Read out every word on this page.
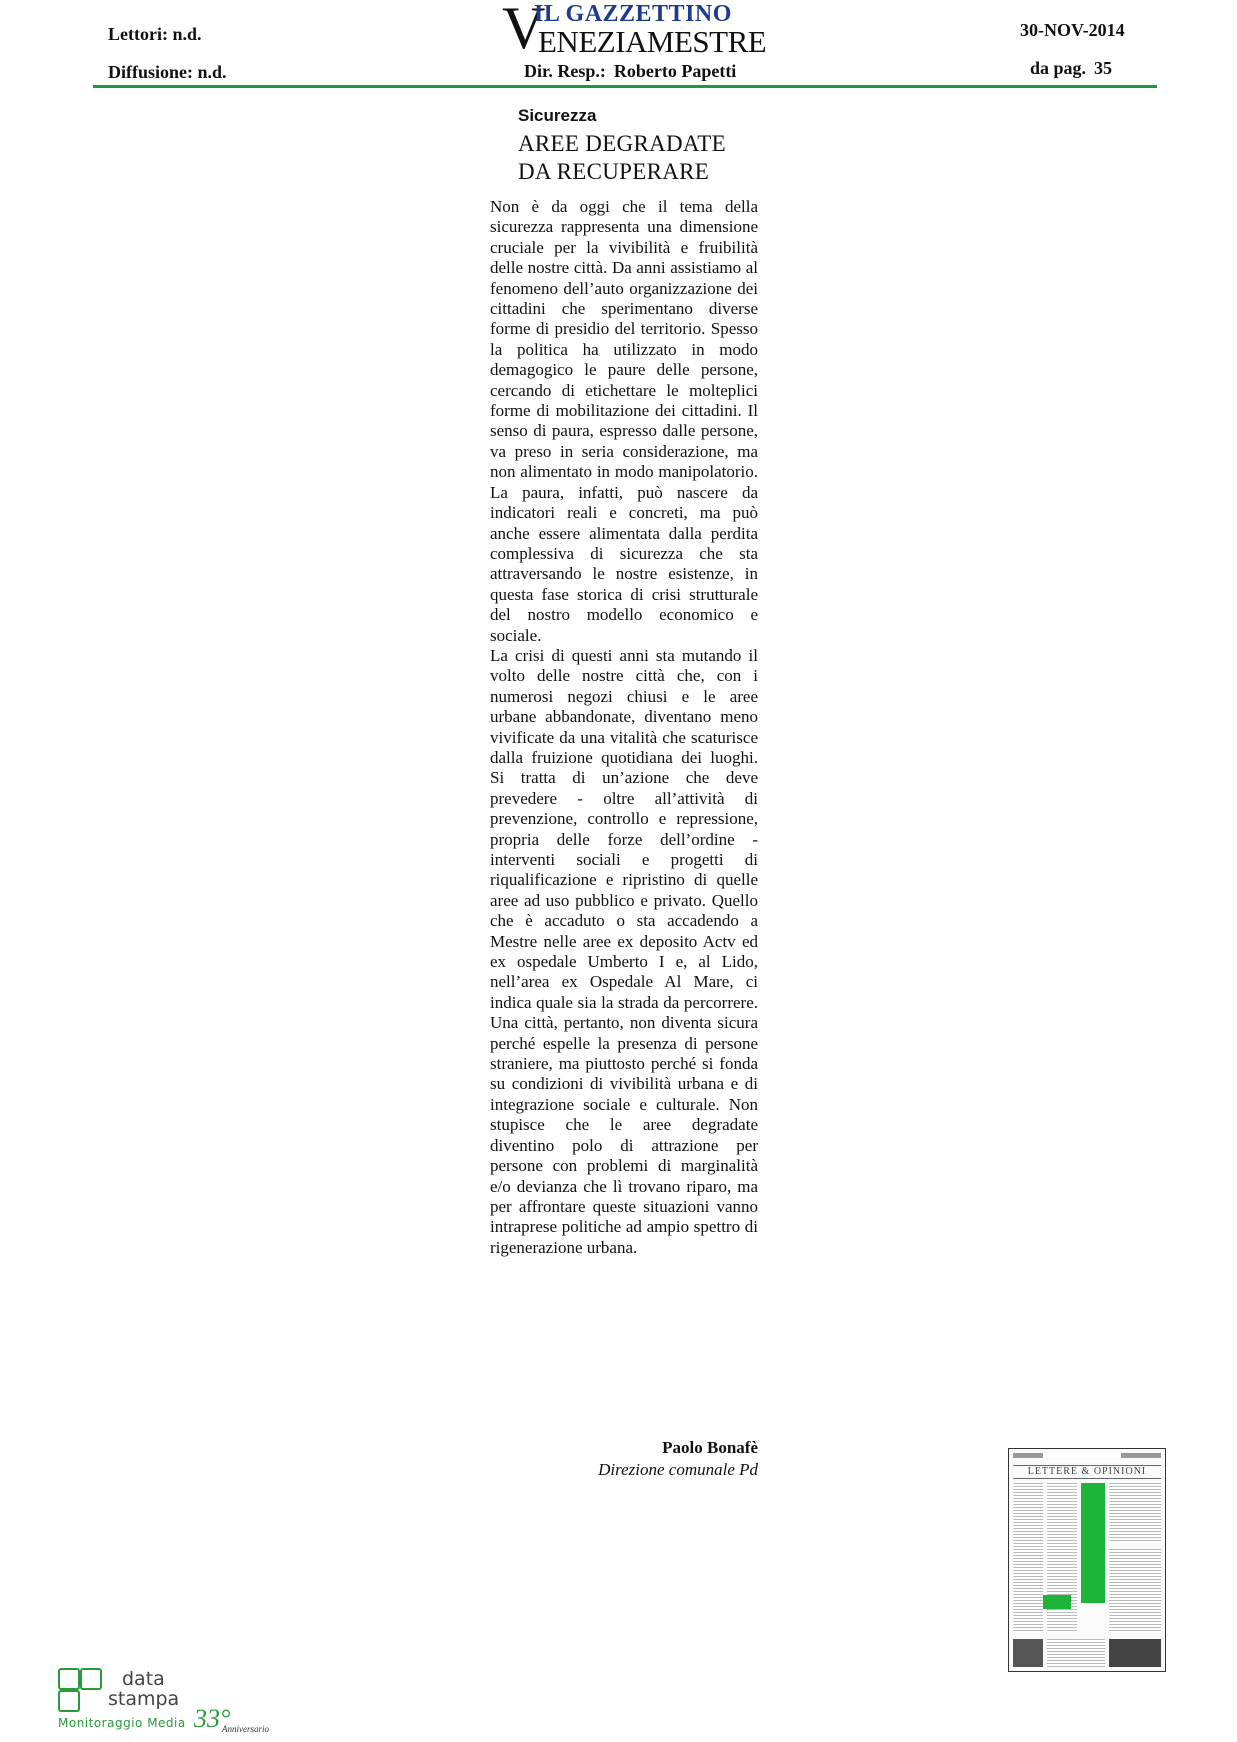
Lettori: n.d.
Diffusione: n.d.
V
IL GAZZETTINO
ENEZIAMESTRE
Dir. Resp.: Roberto Papetti
30-NOV-2014
da pag. 35
Sicurezza
AREE DEGRADATE
DA RECUPERARE

Non è da oggi che il tema della sicurezza rappresenta una dimensione cruciale per la vivibilità e fruibilità delle nostre città. Da anni assistiamo al fenomeno dell’auto organizzazione dei cittadini che sperimentano diverse forme di presidio del territorio. Spesso la politica ha utilizzato in modo demagogico le paure delle persone, cercando di etichettare le molteplici forme di mobilitazione dei cittadini. Il senso di paura, espresso dalle persone, va preso in seria considerazione, ma non alimentato in modo manipolatorio. La paura, infatti, può nascere da indicatori reali e concreti, ma può anche essere alimentata dalla perdita complessiva di sicurezza che sta attraversando le nostre esistenze, in questa fase storica di crisi strutturale del nostro modello economico e sociale.

La crisi di questi anni sta mutando il volto delle nostre città che, con i numerosi negozi chiusi e le aree urbane abbandonate, diventano meno vivificate da una vitalità che scaturisce dalla fruizione quotidiana dei luoghi. Si tratta di un’azione che deve prevedere - oltre all’attività di prevenzione, controllo e repressione, propria delle forze dell’ordine - interventi sociali e progetti di riqualificazione e ripristino di quelle aree ad uso pubblico e privato. Quello che è accaduto o sta accadendo a Mestre nelle aree ex deposito Actv ed ex ospedale Umberto I e, al Lido, nell’area ex Ospedale Al Mare, ci indica quale sia la strada da percorrere. Una città, pertanto, non diventa sicura perché espelle la presenza di persone straniere, ma piuttosto perché si fonda su condizioni di vivibilità urbana e di integrazione sociale e culturale. Non stupisce che le aree degradate diventino polo di attrazione per persone con problemi di marginalità e/o devianza che lì trovano riparo, ma per affrontare queste situazioni vanno intraprese politiche ad ampio spettro di rigenerazione urbana.

Paolo Bonafè
Direzione comunale Pd	LETTERE & OPINIONI
data
stampa
Monitoraggio Media 33°
Anniversario
